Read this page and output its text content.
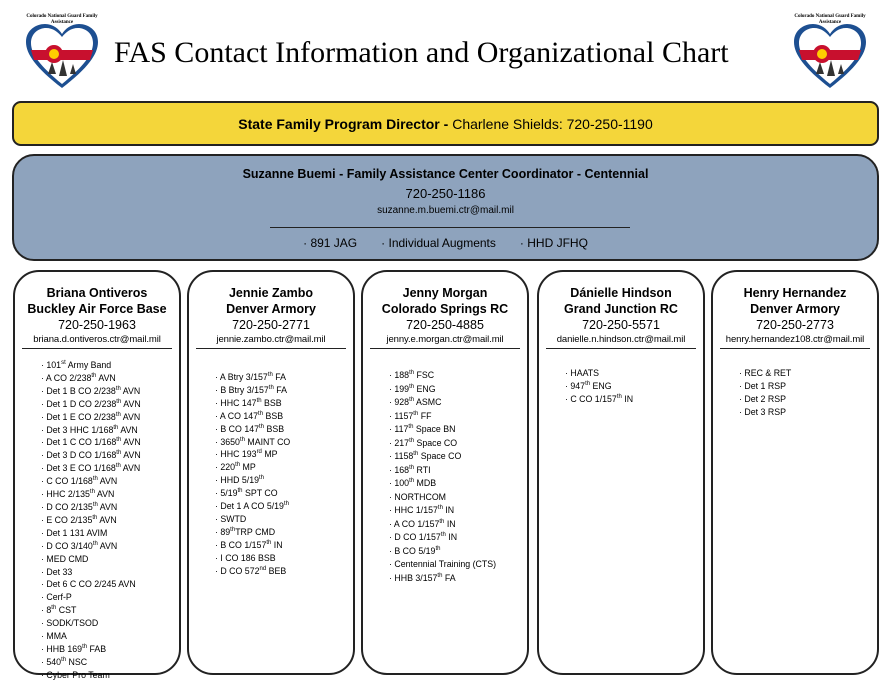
Colorado National Guard Family Assistance
Colorado National Guard Family Assistance
FAS Contact Information and Organizational Chart
State Family Program Director -
Charlene Shields: 720-250-1190
Suzanne Buemi - Family Assistance Center Coordinator - Centennial
720-250-1186
suzanne.m.buemi.ctr@mail.mil
· 891 JAG · Individual Augments · HHD JFHQ
Briana Ontiveros
Buckley Air Force Base
720-250-1963
briana.d.ontiveros.ctr@mail.mil
· 101st Army Band
· A CO 2/238th AVN
· Det 1 B CO 2/238th AVN
· Det 1 D CO 2/238th AVN
· Det 1 E CO 2/238th AVN
· Det 3 HHC 1/168th AVN
· Det 1 C CO 1/168th AVN
· Det 3 D CO 1/168th AVN
· Det 3 E CO 1/168th AVN
· C CO 1/168th AVN
· HHC 2/135th AVN
· D CO 2/135th AVN
· E CO 2/135th AVN
· Det 1 131 AVIM
· D CO 3/140th AVN
· MED CMD
· Det 33
· Det 6 C CO 2/245 AVN
· Cerf-P
· 8th CST
· SODK/TSOD
· MMA
· HHB 169th FAB
· 540th NSC
· Cyber Pro Team
Jennie Zambo
Denver Armory
720-250-2771
jennie.zambo.ctr@mail.mil
· A Btry 3/157th FA
· B Btry 3/157th FA
· HHC 147th BSB
· A CO 147th BSB
· B CO 147th BSB
· 3650th MAINT CO
· HHC 193rd MP
· 220th MP
· HHD 5/19th
· 5/19th SPT CO
· Det 1 A CO 5/19th
· SWTD
· 89thTRP CMD
· B CO 1/157th IN
· I CO 186 BSB
· D CO 572nd BEB
Jenny Morgan
Colorado Springs RC
720-250-4885
jenny.e.morgan.ctr@mail.mil
· 188th FSC
· 199th ENG
· 928th ASMC
· 1157th FF
· 117th Space BN
· 217th Space CO
· 1158th Space CO
· 168th RTI
· 100th MDB
· NORTHCOM
· HHC 1/157th IN
· A CO 1/157th IN
· D CO 1/157th IN
· B CO 5/19th
· Centennial Training (CTS)
· HHB 3/157th FA
Dánielle Hindson
Grand Junction RC
720-250-5571
danielle.n.hindson.ctr@mail.mil
· HAATS
· 947th ENG
· C CO 1/157th IN
Henry Hernandez
Denver Armory
720-250-2773
henry.hernandez108.ctr@mail.mil
· REC & RET
· Det 1 RSP
· Det 2 RSP
· Det 3 RSP
